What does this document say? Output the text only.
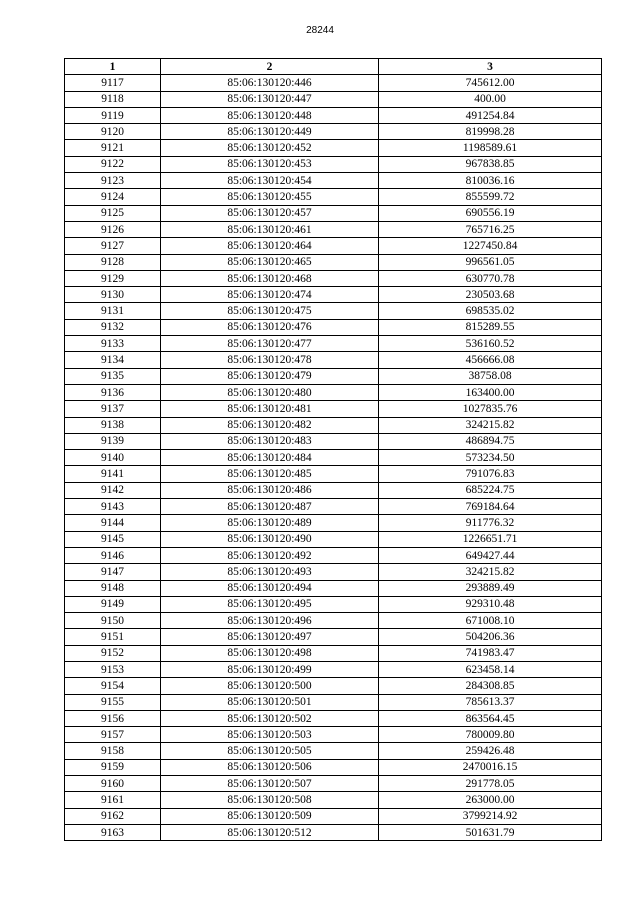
28244
1	2	3
9117	85:06:130120:446	745612.00
9118	85:06:130120:447	400.00
9119	85:06:130120:448	491254.84
9120	85:06:130120:449	819998.28
9121	85:06:130120:452	1198589.61
9122	85:06:130120:453	967838.85
9123	85:06:130120:454	810036.16
9124	85:06:130120:455	855599.72
9125	85:06:130120:457	690556.19
9126	85:06:130120:461	765716.25
9127	85:06:130120:464	1227450.84
9128	85:06:130120:465	996561.05
9129	85:06:130120:468	630770.78
9130	85:06:130120:474	230503.68
9131	85:06:130120:475	698535.02
9132	85:06:130120:476	815289.55
9133	85:06:130120:477	536160.52
9134	85:06:130120:478	456666.08
9135	85:06:130120:479	38758.08
9136	85:06:130120:480	163400.00
9137	85:06:130120:481	1027835.76
9138	85:06:130120:482	324215.82
9139	85:06:130120:483	486894.75
9140	85:06:130120:484	573234.50
9141	85:06:130120:485	791076.83
9142	85:06:130120:486	685224.75
9143	85:06:130120:487	769184.64
9144	85:06:130120:489	911776.32
9145	85:06:130120:490	1226651.71
9146	85:06:130120:492	649427.44
9147	85:06:130120:493	324215.82
9148	85:06:130120:494	293889.49
9149	85:06:130120:495	929310.48
9150	85:06:130120:496	671008.10
9151	85:06:130120:497	504206.36
9152	85:06:130120:498	741983.47
9153	85:06:130120:499	623458.14
9154	85:06:130120:500	284308.85
9155	85:06:130120:501	785613.37
9156	85:06:130120:502	863564.45
9157	85:06:130120:503	780009.80
9158	85:06:130120:505	259426.48
9159	85:06:130120:506	2470016.15
9160	85:06:130120:507	291778.05
9161	85:06:130120:508	263000.00
9162	85:06:130120:509	3799214.92
9163	85:06:130120:512	501631.79
